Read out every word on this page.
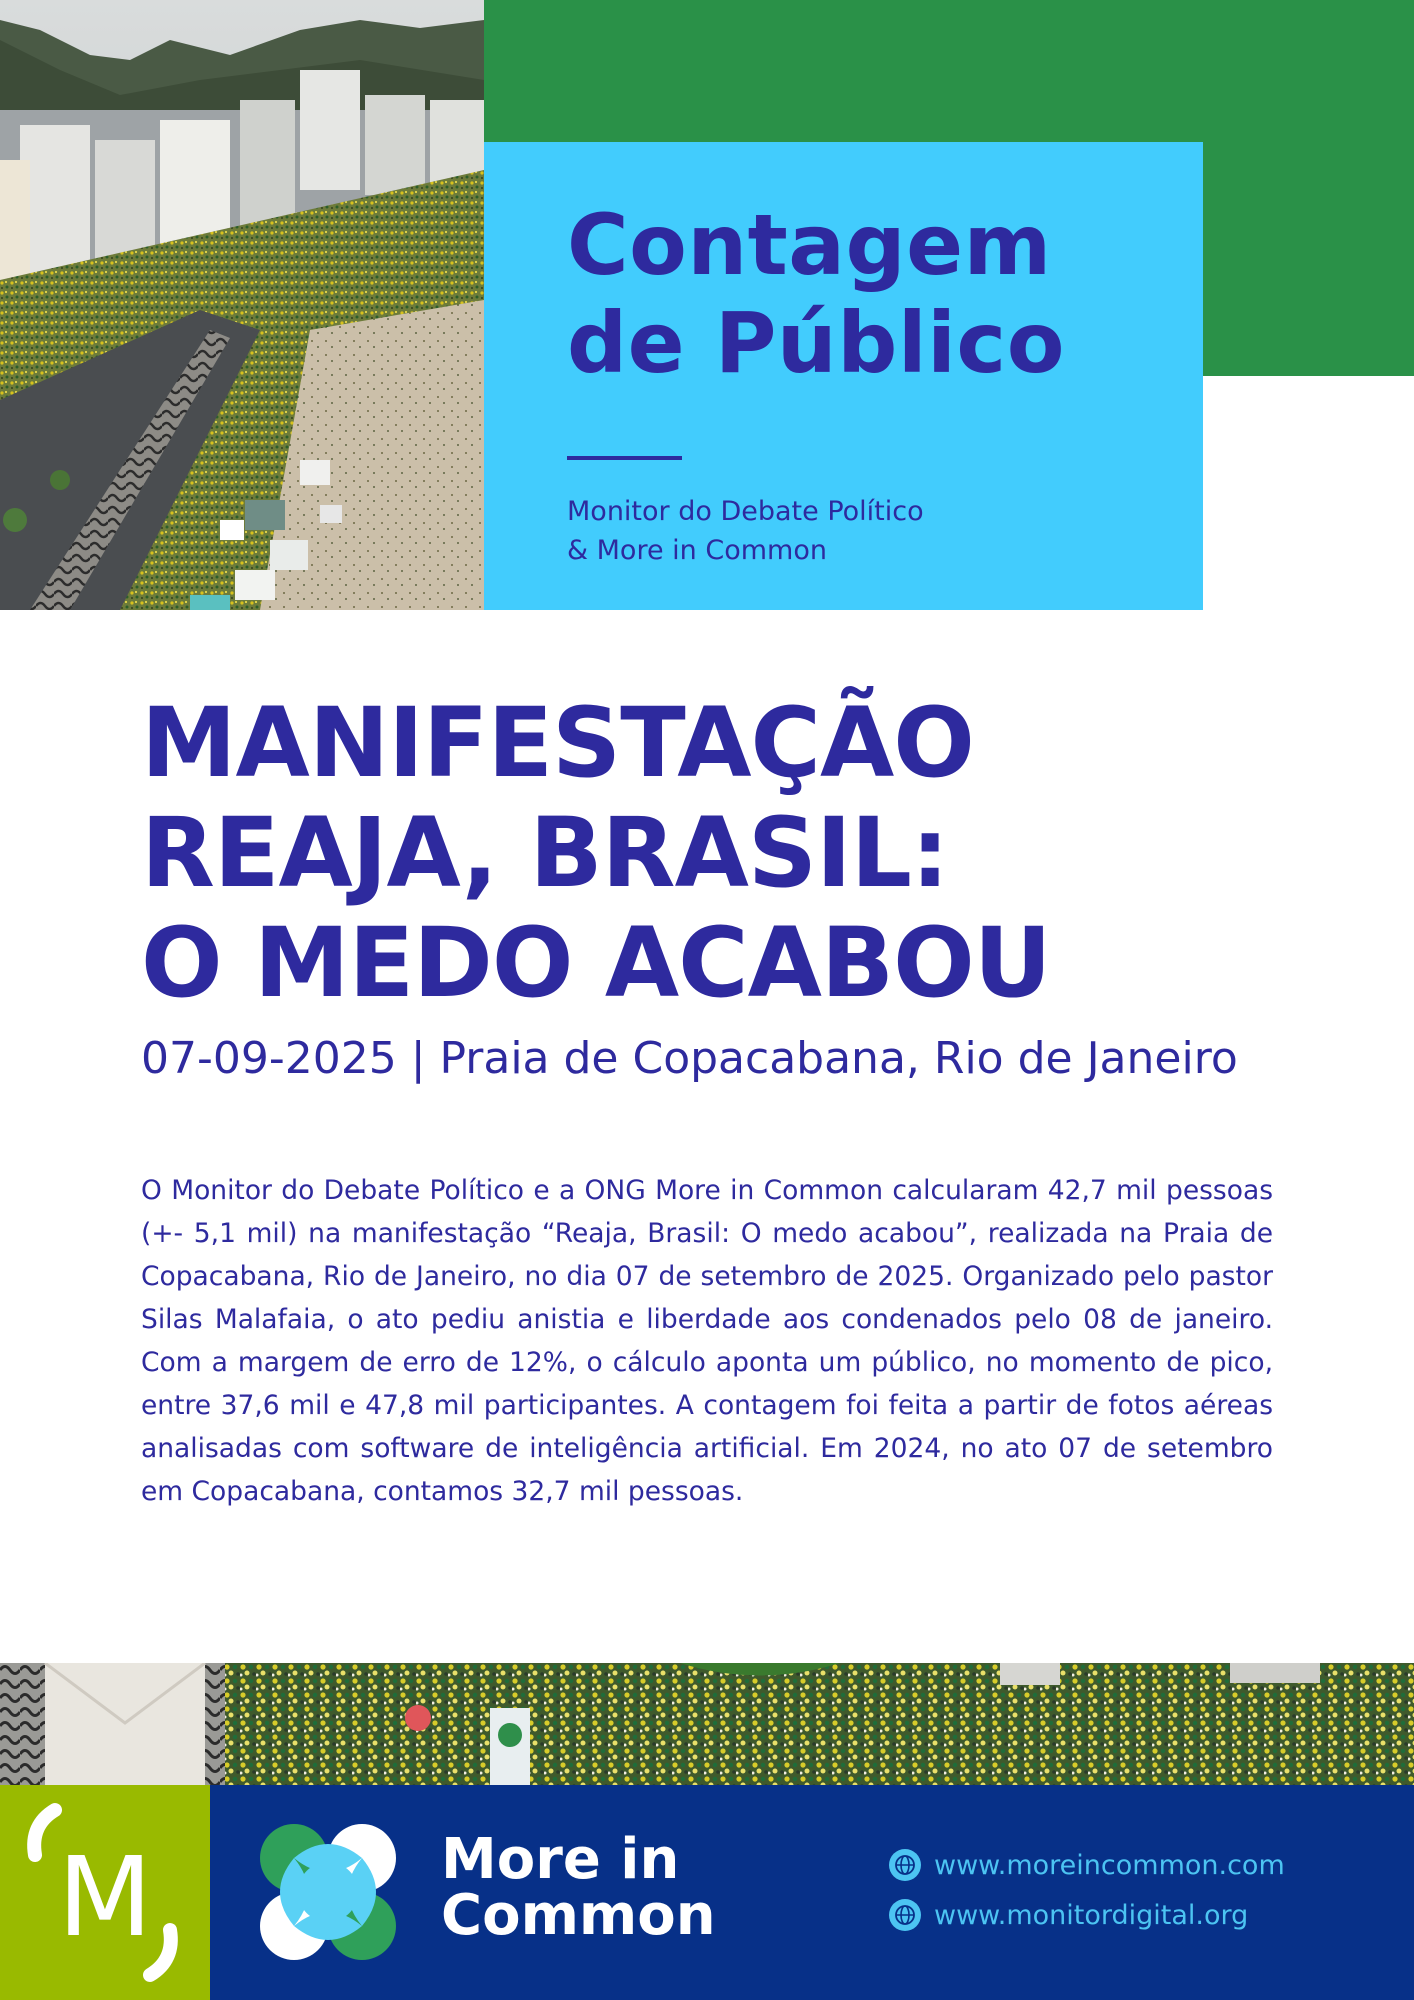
Contagem
de Público
Monitor do Debate Político
& More in Common
MANIFESTAÇÃO
REAJA, BRASIL:
O MEDO ACABOU
07-09-2025 | Praia de Copacabana, Rio de Janeiro

O Monitor do Debate Político e a ONG More in Common calcularam 42,7 mil pessoas (+- 5,1 mil) na manifestação “Reaja, Brasil: O medo acabou”, realizada na Praia de Copacabana, Rio de Janeiro, no dia 07 de setembro de 2025. Organizado pelo pastor Silas Malafaia, o ato pediu anistia e liberdade aos condenados pelo 08 de janeiro. Com a margem de erro de 12%, o cálculo aponta um público, no momento de pico, entre 37,6 mil e 47,8 mil participantes. A contagem foi feita a partir de fotos aéreas analisadas com software de inteligência artificial. Em 2024, no ato 07 de setembro em Copacabana, contamos 32,7 mil pessoas.

M	More in
Common
www.moreincommon.com
www.monitordigital.org
